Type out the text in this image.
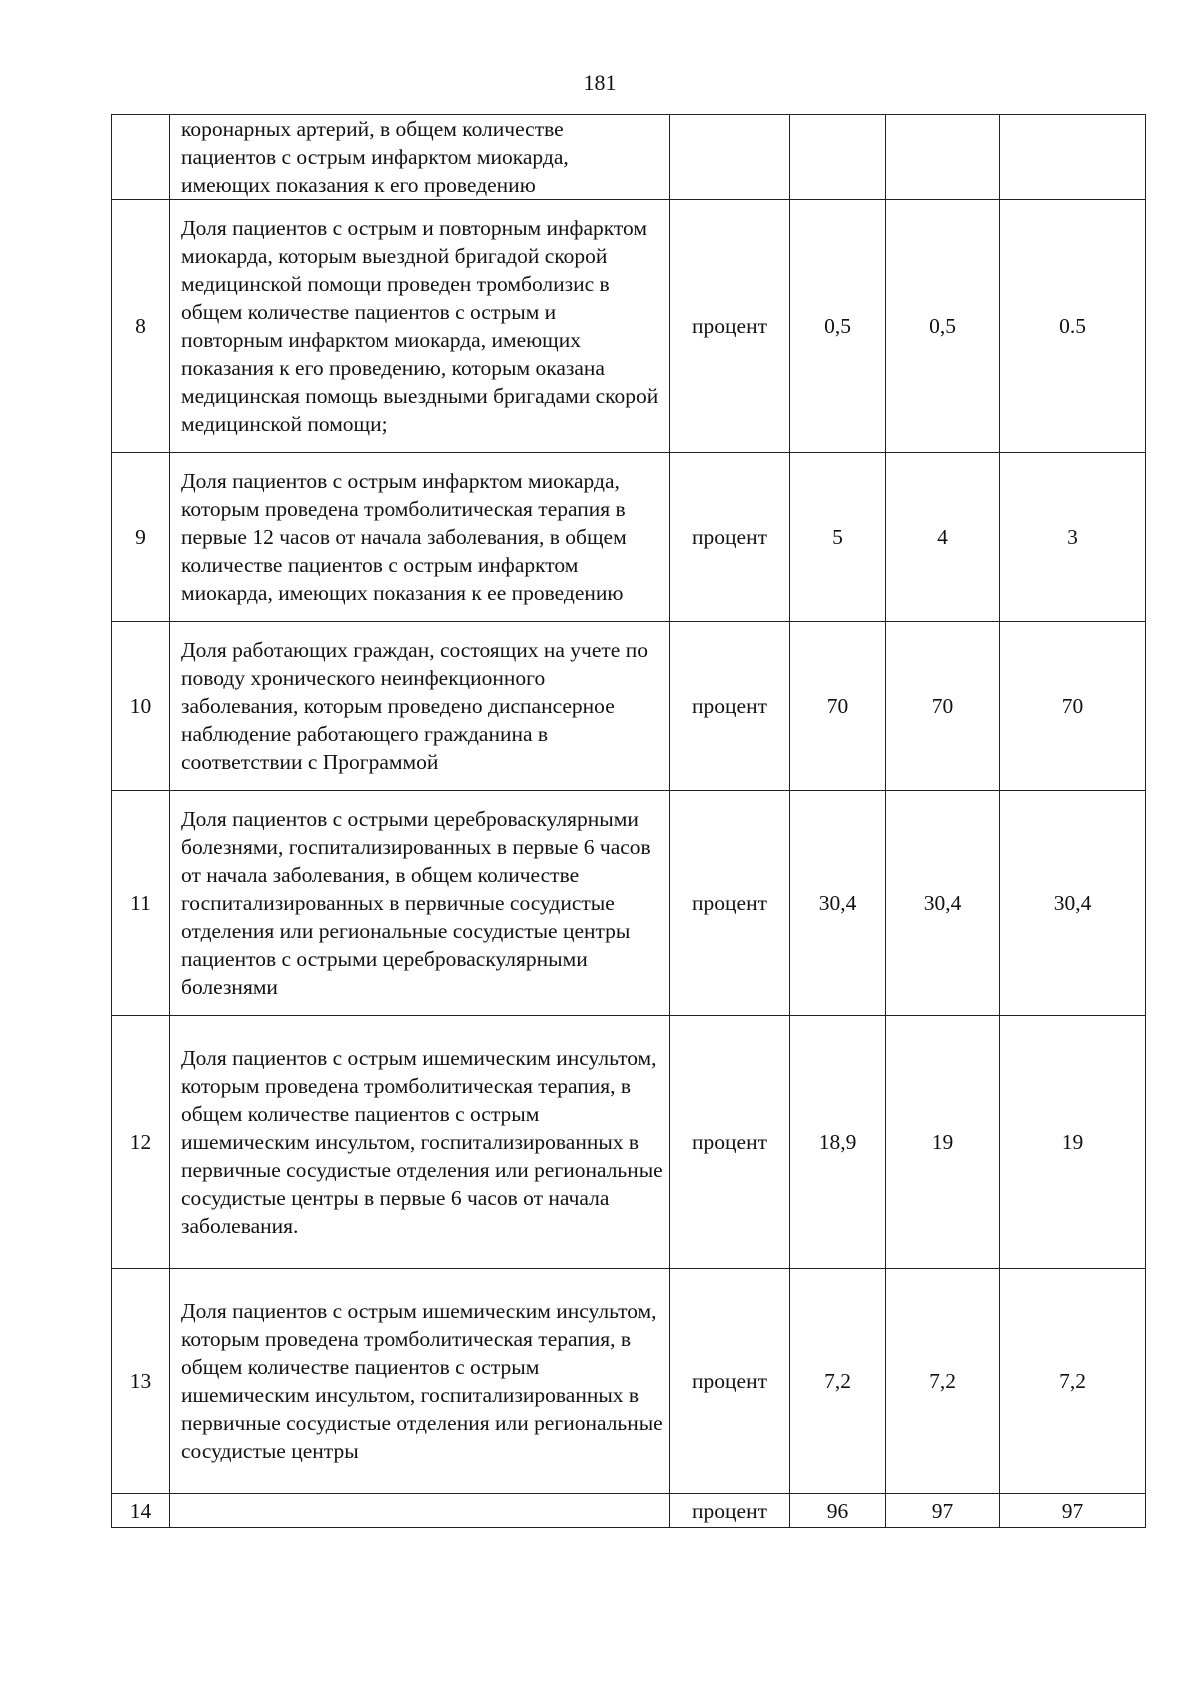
181
	коронарных артерий, в общем количестве пациентов с острым инфарктом миокарда, имеющих показания к его проведению				
8	Доля пациентов с острым и повторным инфарктом миокарда, которым выездной бригадой скорой медицинской помощи проведен тромболизис в общем количестве пациентов с острым и повторным инфарктом миокарда, имеющих показания к его проведению, которым оказана медицинская помощь выездными бригадами скорой медицинской помощи;	процент	0,5	0,5	0.5
9	Доля пациентов с острым инфарктом миокарда, которым проведена тромболитическая терапия в первые 12 часов от начала заболевания, в общем количестве пациентов с острым инфарктом миокарда, имеющих показания к ее проведению	процент	5	4	3
10	Доля работающих граждан, состоящих на учете по поводу хронического неинфекционного заболевания, которым проведено диспансерное наблюдение работающего гражданина в соответствии с Программой	процент	70	70	70
11	Доля пациентов с острыми цереброваскулярными болезнями, госпитализированных в первые 6 часов от начала заболевания, в общем количестве госпитализированных в первичные сосудистые отделения или региональные сосудистые центры пациентов с острыми цереброваскулярными болезнями	процент	30,4	30,4	30,4
12	Доля пациентов с острым ишемическим инсультом, которым проведена тромболитическая терапия, в общем количестве пациентов с острым ишемическим инсультом, госпитализированных в первичные сосудистые отделения или региональные сосудистые центры в первые 6 часов от начала заболевания.	процент	18,9	19	19
13	Доля пациентов с острым ишемическим инсультом, которым проведена тромболитическая терапия, в общем количестве пациентов с острым ишемическим инсультом, госпитализированных в первичные сосудистые отделения или региональные сосудистые центры	процент	7,2	7,2	7,2
14		процент	96	97	97
